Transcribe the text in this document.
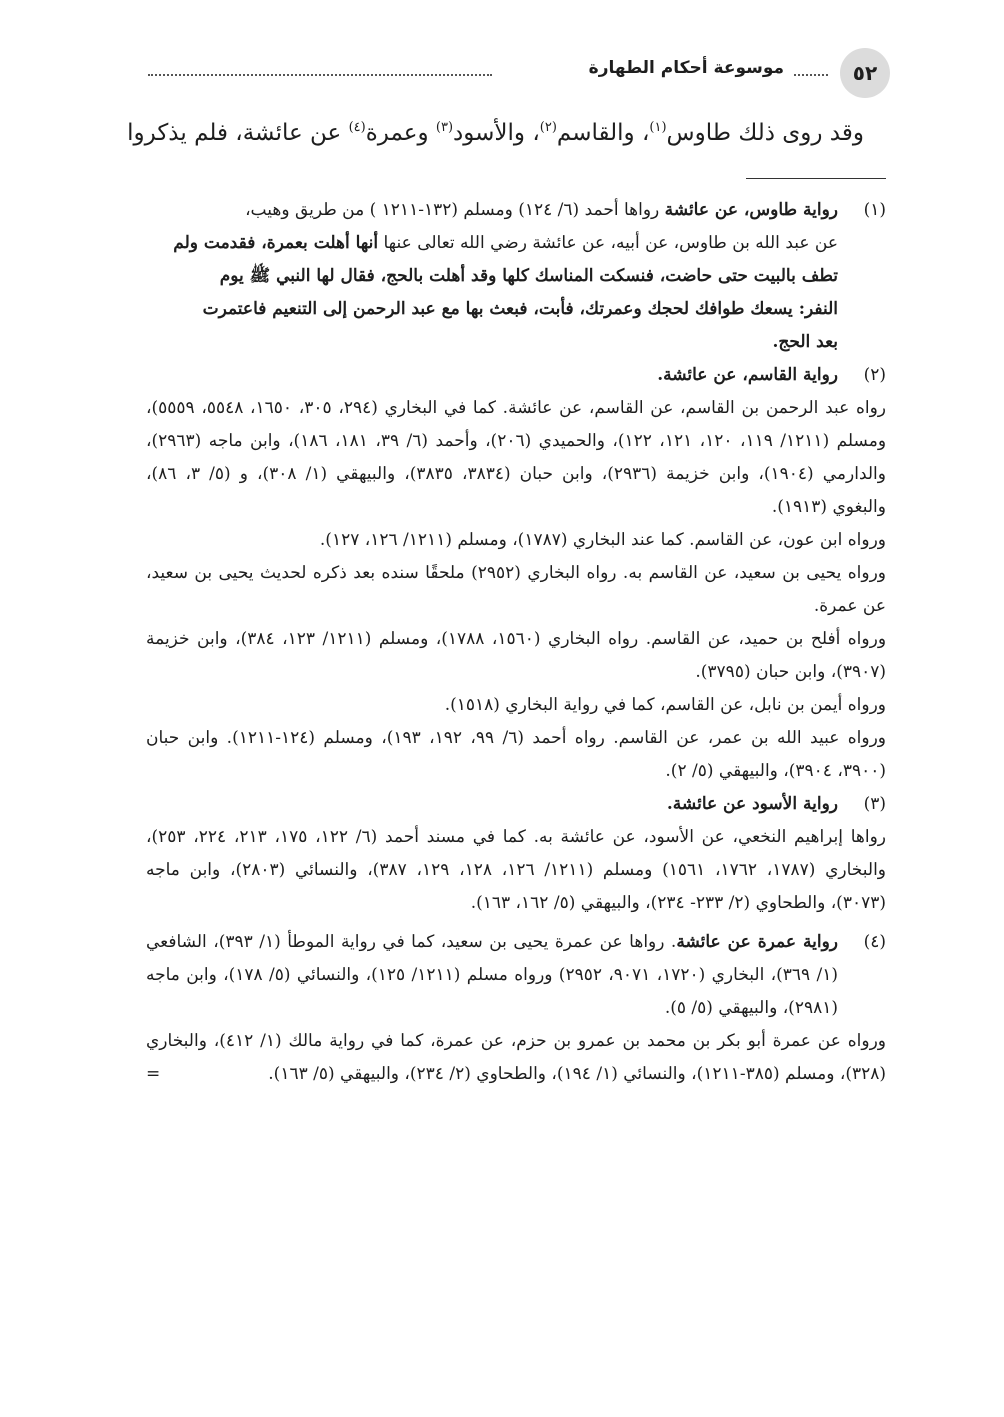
٥٢
موسوعة أحكام الطهارة
وقد روى ذلك طاوس$^{(١)}$، والقاسم$^{(٢)}$، والأسود$^{(٣)}$ وعمرة$^{(٤)}$ عن عائشة، فلم يذكروا
(١)

رواية طاوس، عن عائشة رواها أحمد (٦/ ١٢٤) ومسلم (١٣٢-١٢١١ ) من طريق وهيب،
عن عبد الله بن طاوس، عن أبيه، عن عائشة رضي الله تعالى عنها أنها أهلت بعمرة، فقدمت ولم
تطف بالبيت حتى حاضت، فنسكت المناسك كلها وقد أهلت بالحج، فقال لها النبي ﷺ يوم
النفر: يسعك طوافك لحجك وعمرتك، فأبت، فبعث بها مع عبد الرحمن إلى التنعيم فاعتمرت
بعد الحج.

(٢)

رواية القاسم، عن عائشة.

رواه عبد الرحمن بن القاسم، عن القاسم، عن عائشة. كما في البخاري (٢٩٤، ٣٠٥، ١٦٥٠، ٥٥٤٨، ٥٥٥٩)، ومسلم (١٢١١/ ١١٩، ١٢٠، ١٢١، ١٢٢)، والحميدي (٢٠٦)، وأحمد (٦/ ٣٩، ١٨١، ١٨٦)، وابن ماجه (٢٩٦٣)، والدارمي (١٩٠٤)، وابن خزيمة (٢٩٣٦)، وابن حبان (٣٨٣٤، ٣٨٣٥)، والبيهقي (١/ ٣٠٨)، و (٥/ ٣، ٨٦)، والبغوي (١٩١٣).

ورواه ابن عون، عن القاسم. كما عند البخاري (١٧٨٧)، ومسلم (١٢١١/ ١٢٦، ١٢٧).

ورواه يحيى بن سعيد، عن القاسم به. رواه البخاري (٢٩٥٢) ملحقًا سنده بعد ذكره لحديث يحيى بن سعيد، عن عمرة.

ورواه أفلح بن حميد، عن القاسم. رواه البخاري (١٥٦٠، ١٧٨٨)، ومسلم (١٢١١/ ١٢٣، ٣٨٤)، وابن خزيمة (٣٩٠٧)، وابن حبان (٣٧٩٥).

ورواه أيمن بن نابل، عن القاسم، كما في رواية البخاري (١٥١٨).

ورواه عبيد الله بن عمر، عن القاسم. رواه أحمد (٦/ ٩٩، ١٩٢، ١٩٣)، ومسلم (١٢٤-١٢١١). وابن حبان (٣٩٠٠، ٣٩٠٤)، والبيهقي (٥/ ٢).

(٣)

رواية الأسود عن عائشة.

رواها إبراهيم النخعي، عن الأسود، عن عائشة به. كما في مسند أحمد (٦/ ١٢٢، ١٧٥، ٢١٣، ٢٢٤، ٢٥٣)، والبخاري (١٧٨٧، ١٧٦٢، ١٥٦١) ومسلم (١٢١١/ ١٢٦، ١٢٨، ١٢٩، ٣٨٧)، والنسائي (٢٨٠٣)، وابن ماجه (٣٠٧٣)، والطحاوي (٢/ ٢٣٣- ٢٣٤)، والبيهقي (٥/ ١٦٢، ١٦٣).

(٤)

رواية عمرة عن عائشة. رواها عن عمرة يحيى بن سعيد، كما في رواية الموطأ (١/ ٣٩٣)، الشافعي (١/ ٣٦٩)، البخاري (١٧٢٠، ٩٠٧١، ٢٩٥٢) ورواه مسلم (١٢١١/ ١٢٥)، والنسائي (٥/ ١٧٨)، وابن ماجه (٢٩٨١)، والبيهقي (٥/ ٥).

ورواه عن عمرة أبو بكر بن محمد بن عمرو بن حزم، عن عمرة، كما في رواية مالك (١/ ٤١٢)، والبخاري (٣٢٨)، ومسلم (٣٨٥-١٢١١)، والنسائي (١/ ١٩٤)، والطحاوي (٢/ ٢٣٤)، والبيهقي (٥/ ١٦٣).

=
